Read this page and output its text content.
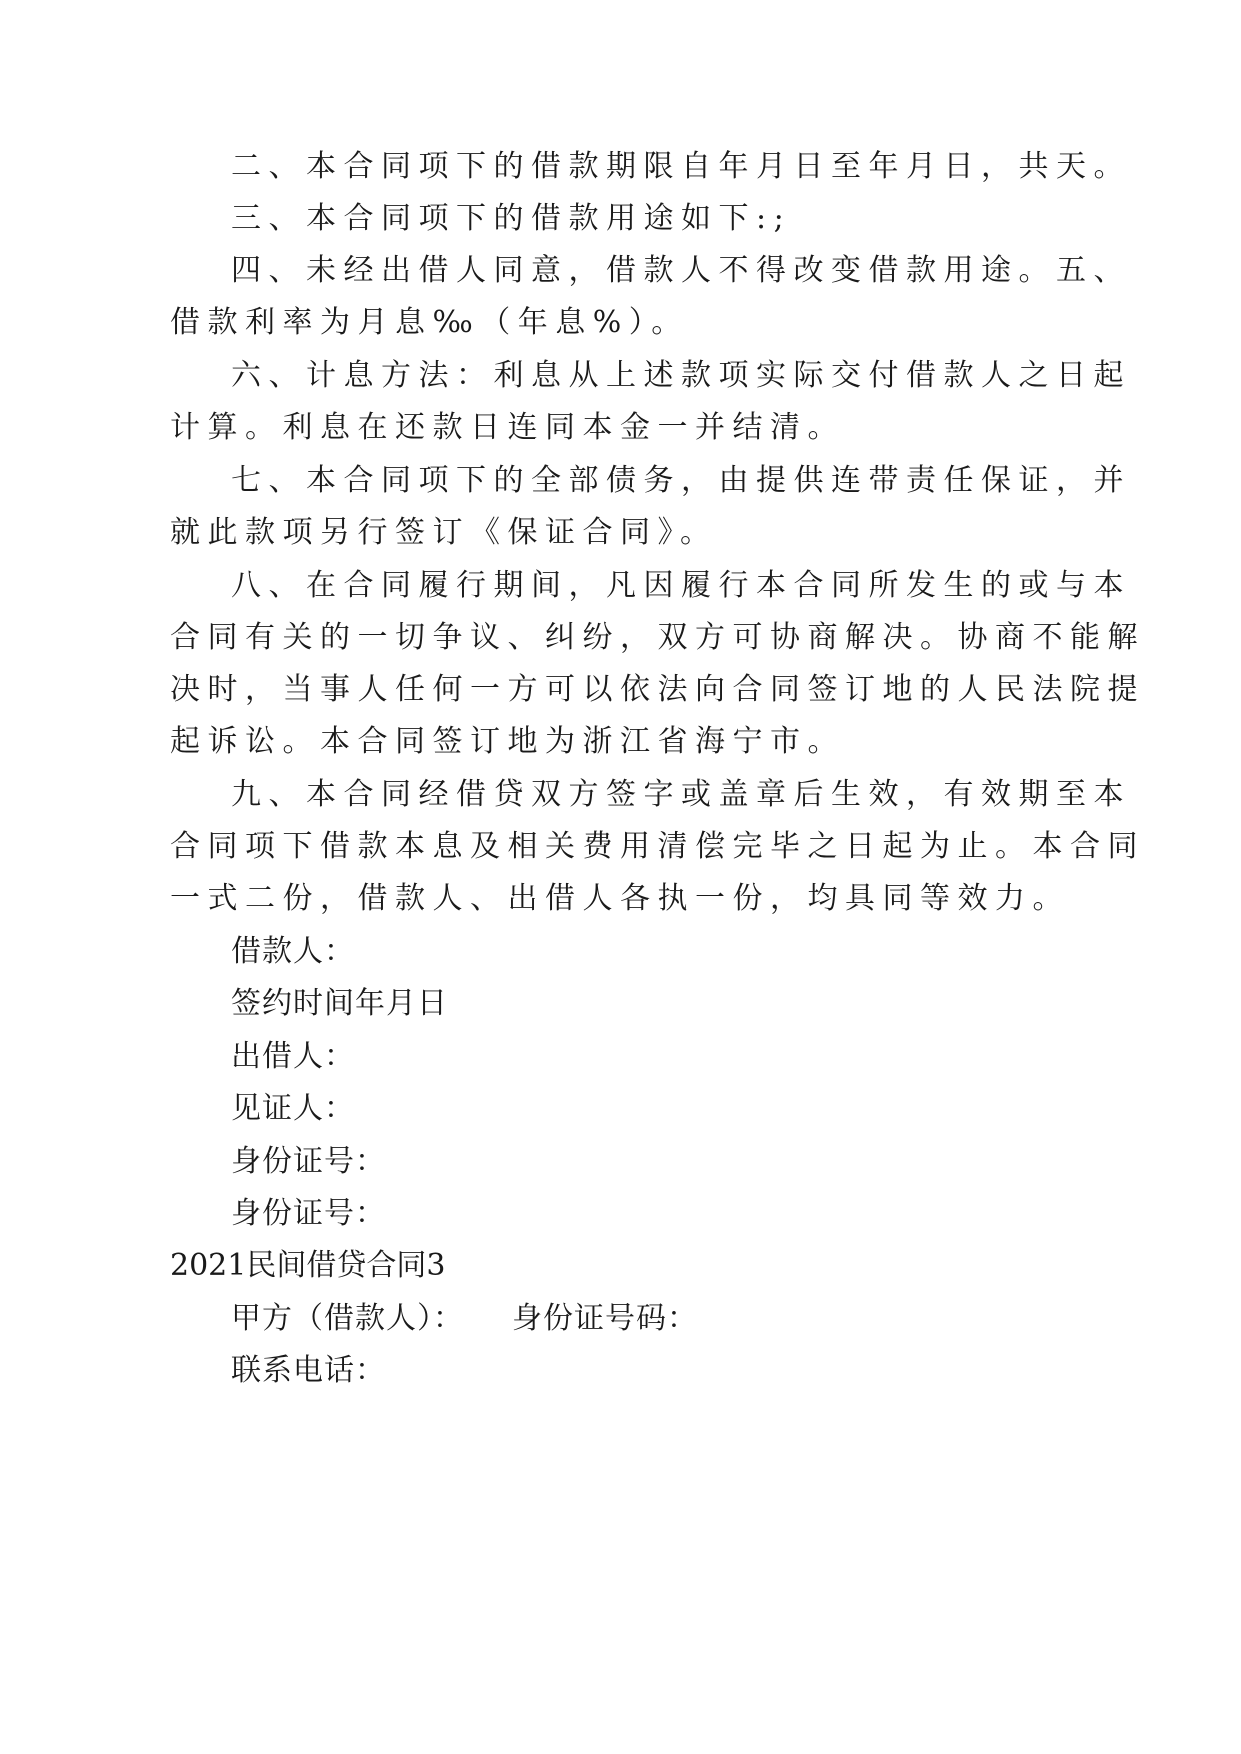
二、本合同项下的借款期限自年月日至年月日，共天。
三、本合同项下的借款用途如下:;
四、未经出借人同意，借款人不得改变借款用途。五、
借款利率为月息‰（年息%）。
六、计息方法：利息从上述款项实际交付借款人之日起
计算。利息在还款日连同本金一并结清。
七、本合同项下的全部债务，由提供连带责任保证，并
就此款项另行签订《保证合同》。
八、在合同履行期间，凡因履行本合同所发生的或与本
合同有关的一切争议、纠纷，双方可协商解决。协商不能解
决时，当事人任何一方可以依法向合同签订地的人民法院提
起诉讼。本合同签订地为浙江省海宁市。
九、本合同经借贷双方签字或盖章后生效，有效期至本
合同项下借款本息及相关费用清偿完毕之日起为止。本合同
一式二份，借款人、出借人各执一份，均具同等效力。
借款人：
签约时间年月日
出借人：
见证人：
身份证号：
身份证号：
2021民间借贷合同3
甲方（借款人）： 身份证号码：
联系电话：
